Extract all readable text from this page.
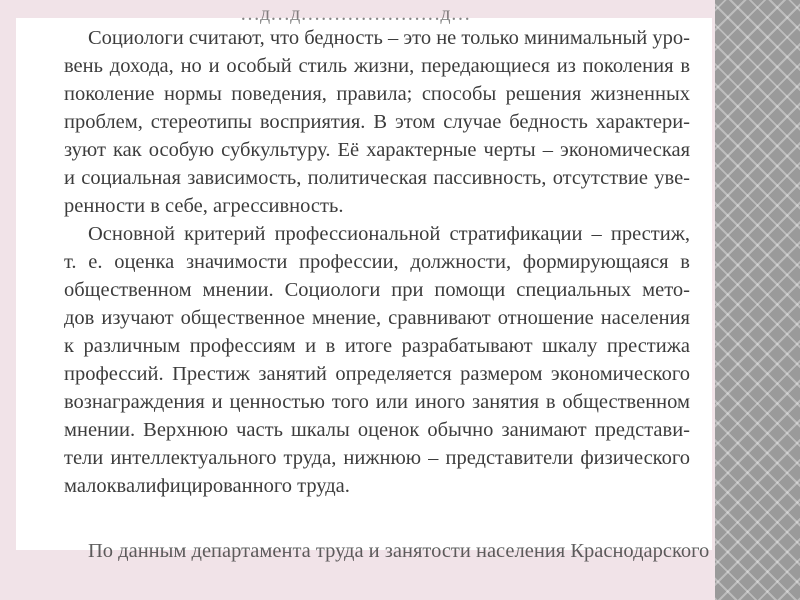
…д…д…………………д…
Социологи считают, что бедность – это не только минимальный уро-
вень дохода, но и особый стиль жизни, передающиеся из поколения в
поколение нормы поведения, правила; способы решения жизненных
проблем, стереотипы восприятия. В этом случае бедность характери-
зуют как особую субкультуру. Её характерные черты – экономическая
и социальная зависимость, политическая пассивность, отсутствие уве-
ренности в себе, агрессивность.
Основной критерий профессиональной стратификации – престиж,
т. е. оценка значимости профессии, должности, формирующаяся в
общественном мнении. Социологи при помощи специальных мето-
дов изучают общественное мнение, сравнивают отношение населения
к различным профессиям и в итоге разрабатывают шкалу престижа
профессий. Престиж занятий определяется размером экономического
вознаграждения и ценностью того или иного занятия в общественном
мнении. Верхнюю часть шкалы оценок обычно занимают представи-
тели интеллектуального труда, нижнюю – представители физического
малоквалифицированного труда.
По данным департамента труда и занятости населения Краснодарского
